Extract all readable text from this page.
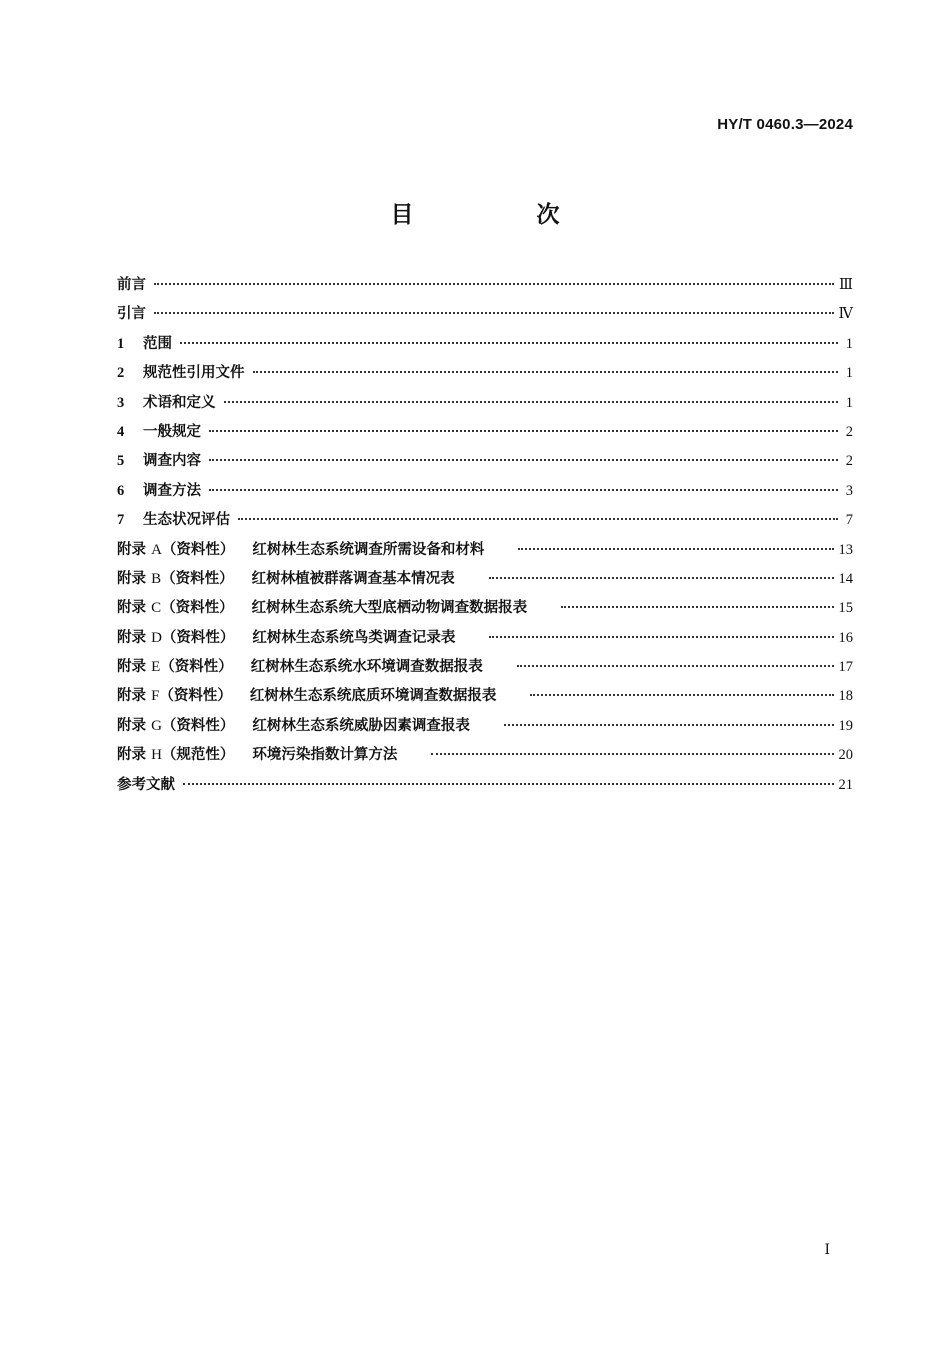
HY/T 0460.3—2024
目　次
前言	Ⅲ
引言	Ⅳ
1	范围	1
2	规范性引用文件	1
3	术语和定义	1
4	一般规定	2
5	调查内容	2
6	调查方法	3
7	生态状况评估	7
附录 A（资料性） 红树林生态系统调查所需设备和材料	13
附录 B（资料性） 红树林植被群落调查基本情况表	14
附录 C（资料性） 红树林生态系统大型底栖动物调查数据报表	15
附录 D（资料性） 红树林生态系统鸟类调查记录表	16
附录 E（资料性） 红树林生态系统水环境调查数据报表	17
附录 F（资料性） 红树林生态系统底质环境调查数据报表	18
附录 G（资料性） 红树林生态系统威胁因素调查报表	19
附录 H（规范性） 环境污染指数计算方法	20
参考文献	21
Ⅰ
